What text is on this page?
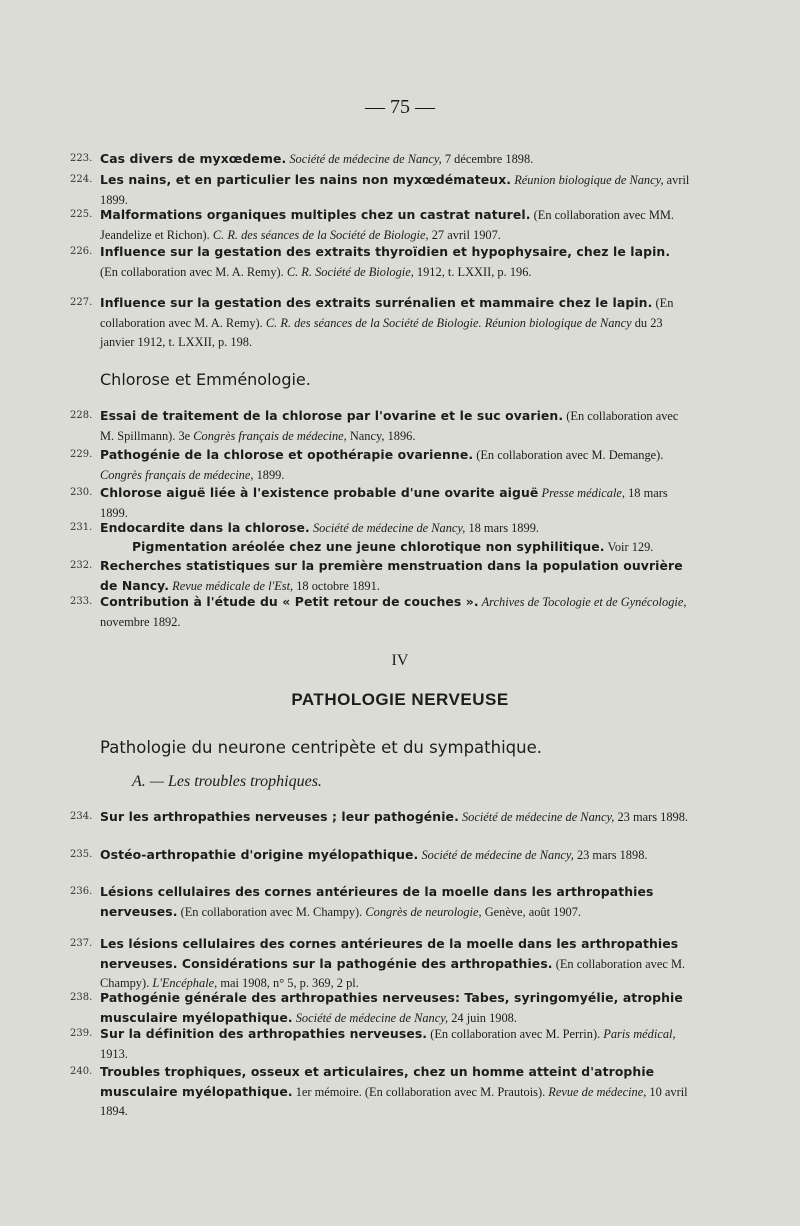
— 75 —
223. Cas divers de myxœdeme. Société de médecine de Nancy, 7 décembre 1898.
224. Les nains, et en particulier les nains non myxœdémateux. Réunion biologique de Nancy, avril 1899.
225. Malformations organiques multiples chez un castrat naturel. (En collaboration avec MM. Jeandelize et Richon). C. R. des séances de la Société de Biologie, 27 avril 1907.
226. Influence sur la gestation des extraits thyroïdien et hypophysaire, chez le lapin. (En collaboration avec M. A. Remy). C. R. Société de Biologie, 1912, t. LXXII, p. 196.
227. Influence sur la gestation des extraits surrénalien et mammaire chez le lapin. (En collaboration avec M. A. Remy). C. R. des séances de la Société de Biologie. Réunion biologique de Nancy du 23 janvier 1912, t. LXXII, p. 198.
Chlorose et Emménologie.
228. Essai de traitement de la chlorose par l'ovarine et le suc ovarien. (En collaboration avec M. Spillmann). 3e Congrès français de médecine, Nancy, 1896.
229. Pathogénie de la chlorose et opothérapie ovarienne. (En collaboration avec M. Demange). Congrès français de médecine, 1899.
230. Chlorose aiguë liée à l'existence probable d'une ovarite aiguë Presse médicale, 18 mars 1899.
231. Endocardite dans la chlorose. Société de médecine de Nancy, 18 mars 1899.
Pigmentation aréolée chez une jeune chlorotique non syphilitique. Voir 129.
232. Recherches statistiques sur la première menstruation dans la population ouvrière de Nancy. Revue médicale de l'Est, 18 octobre 1891.
233. Contribution à l'étude du « Petit retour de couches ». Archives de Tocologie et de Gynécologie, novembre 1892.
IV
PATHOLOGIE NERVEUSE
Pathologie du neurone centripète et du sympathique.
A. — Les troubles trophiques.
234. Sur les arthropathies nerveuses ; leur pathogénie. Société de médecine de Nancy, 23 mars 1898.
235. Ostéo-arthropathie d'origine myélopathique. Société de médecine de Nancy, 23 mars 1898.
236. Lésions cellulaires des cornes antérieures de la moelle dans les arthropathies nerveuses. (En collaboration avec M. Champy). Congrès de neurologie, Genève, août 1907.
237. Les lésions cellulaires des cornes antérieures de la moelle dans les arthropathies nerveuses. Considérations sur la pathogénie des arthropathies. (En collaboration avec M. Champy). L'Encéphale, mai 1908, n° 5, p. 369, 2 pl.
238. Pathogénie générale des arthropathies nerveuses: Tabes, syringomyélie, atrophie musculaire myélopathique. Société de médecine de Nancy, 24 juin 1908.
239. Sur la définition des arthropathies nerveuses. (En collaboration avec M. Perrin). Paris médical, 1913.
240. Troubles trophiques, osseux et articulaires, chez un homme atteint d'atrophie musculaire myélopathique. 1er mémoire. (En collaboration avec M. Prautois). Revue de médecine, 10 avril 1894.
